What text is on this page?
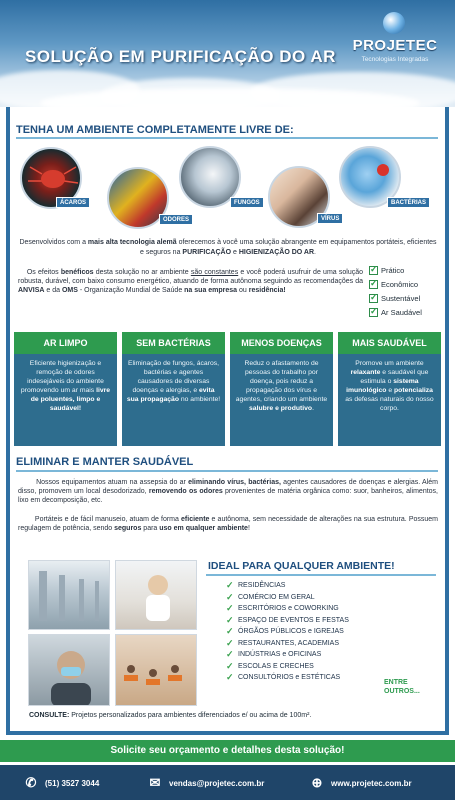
SOLUÇÃO EM PURIFICAÇÃO DO AR
PROJETEC
Tecnologias Integradas
TENHA UM AMBIENTE COMPLETAMENTE LIVRE DE:
ÁCAROS
ODORES
FUNGOS
VÍRUS
BACTÉRIAS
Desenvolvidos com a mais alta tecnologia alemã oferecemos à você uma solução abrangente em equipamentos portáteis, eficientes e seguros na PURIFICAÇÃO e HIGIENIZAÇÃO DO AR.
Os efeitos benéficos desta solução no ar ambiente são constantes e você poderá usufruir de uma solução robusta, durável, com baixo consumo energético, atuando de forma autônoma seguindo as recomendações da ANVISA e da OMS - Organização Mundial de Saúde na sua empresa ou residência!
✓
Prático
✓
Econômico
✓
Sustentável
✓
Ar Saudável
AR LIMPO
Eficiente higienização e remoção de odores indesejáveis do ambiente promovendo um ar mais livre de poluentes, limpo e saudável!
SEM BACTÉRIAS
Eliminação de fungos, ácaros, bactérias e agentes causadores de diversas doenças e alergias, e evita sua propagação no ambiente!
MENOS DOENÇAS
Reduz o afastamento de pessoas do trabalho por doença, pois reduz a propagação dos vírus e agentes, criando um ambiente salubre e produtivo.
MAIS SAUDÁVEL
Promove um ambiente relaxante e saudável que estimula o sistema imunológico e potencializa as defesas naturais do nosso corpo.
ELIMINAR E MANTER SAUDÁVEL
Nossos equipamentos atuam na assepsia do ar eliminando vírus, bactérias, agentes causadores de doenças e alergias. Além disso, promovem um local desodorizado, removendo os odores provenientes de matéria orgânica como: suor, banheiros, alimentos, lixo em decomposição, etc.
Portáteis e de fácil manuseio, atuam de forma eficiente e autônoma, sem necessidade de alterações na sua estrutura. Possuem regulagem de potência, sendo seguros para uso em qualquer ambiente!
IDEAL PARA QUALQUER AMBIENTE!
✓ RESIDÊNCIAS
✓ COMÉRCIO EM GERAL
✓ ESCRITÓRIOS e COWORKING
✓ ESPAÇO DE EVENTOS E FESTAS
✓ ÓRGÃOS PÚBLICOS e IGREJAS
✓ RESTAURANTES, ACADEMIAS
✓ INDÚSTRIAS e OFICINAS
✓ ESCOLAS E CRECHES
✓ CONSULTÓRIOS e ESTÉTICAS
ENTRE OUTROS...
CONSULTE: Projetos personalizados para ambientes diferenciados e/ ou acima de 100m².
Solicite seu orçamento e detalhes desta solução!
✆	(51) 3527 3044	✉	vendas@projetec.com.br	⊕	www.projetec.com.br
